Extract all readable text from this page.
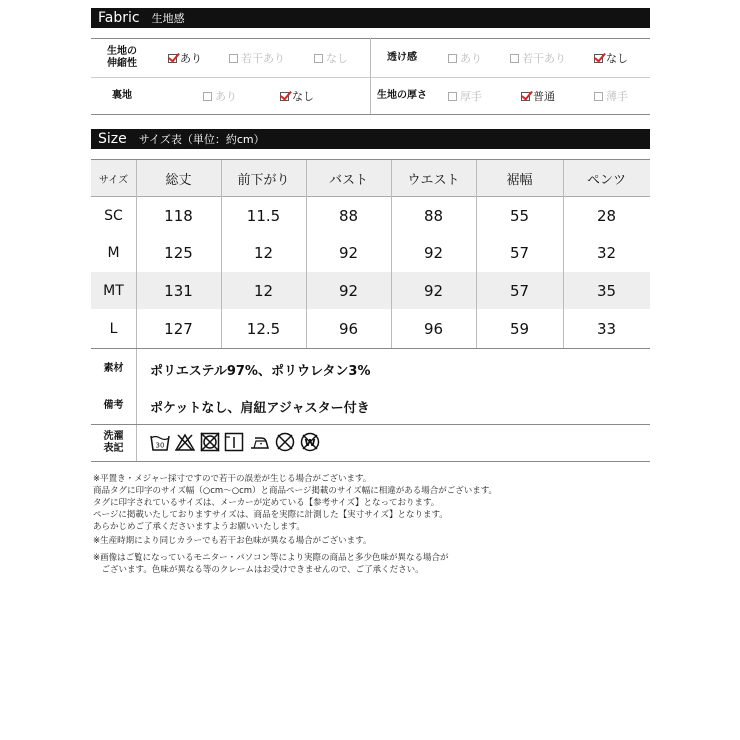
Fabric 生地感
生地の
伸縮性	あり	若干あり	なし	透け感	あり	若干あり	なし
裏地	あり	なし	生地の厚さ	厚手	普通	薄手
Size サイズ表（単位：約cm）
サイズ	総丈	前下がり	バスト	ウエスト	裾幅	ペンツ
SC	118	11.5	88	88	55	28
M	125	12	92	92	57	32
MT	131	12	92	92	57	35
L	127	12.5	96	96	59	33
素材	ポリエステル97%、ポリウレタン3%
備考	ポケットなし、肩紐アジャスター付き
洗濯
表記	30	•	W
※平置き・メジャー採寸ですので若干の誤差が生じる場合がございます。
商品タグに印字のサイズ幅（○cm〜○cm）と商品ページ掲載のサイズ幅に相違がある場合がございます。
タグに印字されているサイズは、メーカーが定めている【参考サイズ】となっております。
ページに掲載いたしておりますサイズは、商品を実際に計測した【実寸サイズ】となります。
あらかじめご了承くださいますようお願いいたします。
※生産時期により同じカラーでも若干お色味が異なる場合がございます。
※画像はご覧になっているモニター・パソコン等により実際の商品と多少色味が異なる場合が
　ございます。色味が異なる等のクレームはお受けできませんので、ご了承ください。
